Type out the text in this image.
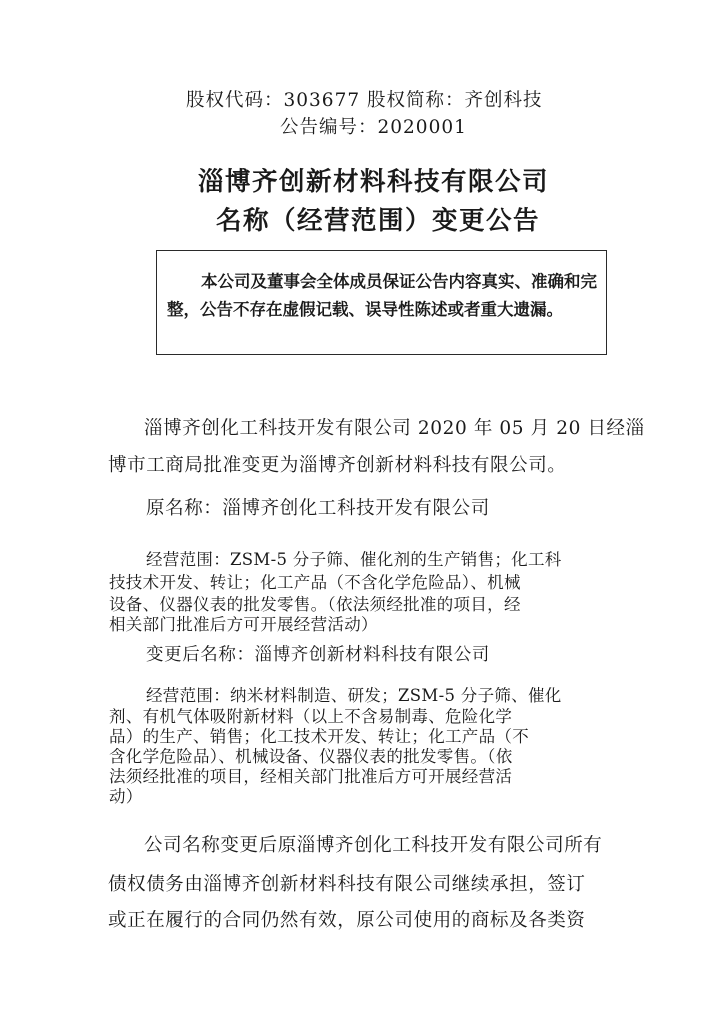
股权代码：303677 股权简称：齐创科技
公告编号：2020001
淄博齐创新材料科技有限公司
名称（经营范围）变更公告
本公司及董事会全体成员保证公告内容真实、准确和完
整，公告不存在虚假记载、误导性陈述或者重大遗漏。
淄博齐创化工科技开发有限公司 2020 年 05 月 20 日经淄
博市工商局批准变更为淄博齐创新材料科技有限公司。
原名称：淄博齐创化工科技开发有限公司
经营范围：ZSM-5 分子筛、催化剂的生产销售；化工科
技技术开发、转让；化工产品（不含化学危险品）、机械
设备、仪器仪表的批发零售。（依法须经批准的项目，经
相关部门批准后方可开展经营活动）
变更后名称：淄博齐创新材料科技有限公司
经营范围：纳米材料制造、研发；ZSM-5 分子筛、催化
剂、有机气体吸附新材料（以上不含易制毒、危险化学
品）的生产、销售；化工技术开发、转让；化工产品（不
含化学危险品）、机械设备、仪器仪表的批发零售。（依
法须经批准的项目，经相关部门批准后方可开展经营活
动）
公司名称变更后原淄博齐创化工科技开发有限公司所有
债权债务由淄博齐创新材料科技有限公司继续承担，签订
或正在履行的合同仍然有效，原公司使用的商标及各类资
